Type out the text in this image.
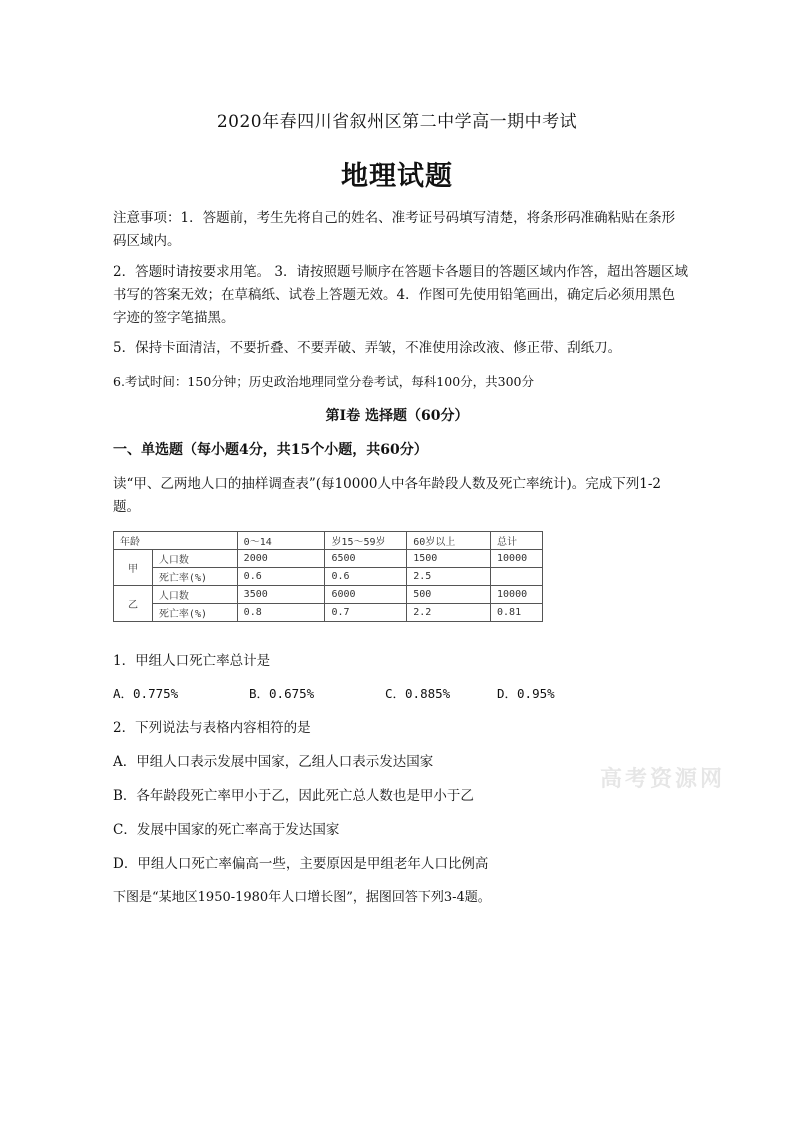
2020年春四川省叙州区第二中学高一期中考试
地理试题
注意事项：1．答题前，考生先将自己的姓名、准考证号码填写清楚，将条形码准确粘贴在条形码区域内。
2．答题时请按要求用笔。 3．请按照题号顺序在答题卡各题目的答题区域内作答，超出答题区域书写的答案无效；在草稿纸、试卷上答题无效。4．作图可先使用铅笔画出，确定后必须用黑色字迹的签字笔描黑。
5．保持卡面清洁，不要折叠、不要弄破、弄皱，不准使用涂改液、修正带、刮纸刀。
6.考试时间：150分钟；历史政治地理同堂分卷考试，每科100分，共300分
第Ⅰ卷 选择题（60分）
一、单选题（每小题4分，共15个小题，共60分）
读“甲、乙两地人口的抽样调查表”(每10000人中各年龄段人数及死亡率统计)。完成下列1-2题。
年龄		0～14	岁15～59岁	60岁以上	总计
甲	人口数	2000	6500	1500	10000
	死亡率(%)	0.6	0.6	2.5	
乙	人口数	3500	6000	500	10000
	死亡率(%)	0.8	0.7	2.2	0.81
1．甲组人口死亡率总计是
A．0.775%	B．0.675%	C．0.885%	D．0.95%
2．下列说法与表格内容相符的是
A．甲组人口表示发展中国家，乙组人口表示发达国家
B．各年龄段死亡率甲小于乙，因此死亡总人数也是甲小于乙
C．发展中国家的死亡率高于发达国家
D．甲组人口死亡率偏高一些，主要原因是甲组老年人口比例高
下图是“某地区1950-1980年人口增长图”，据图回答下列3-4题。
高考资源网
